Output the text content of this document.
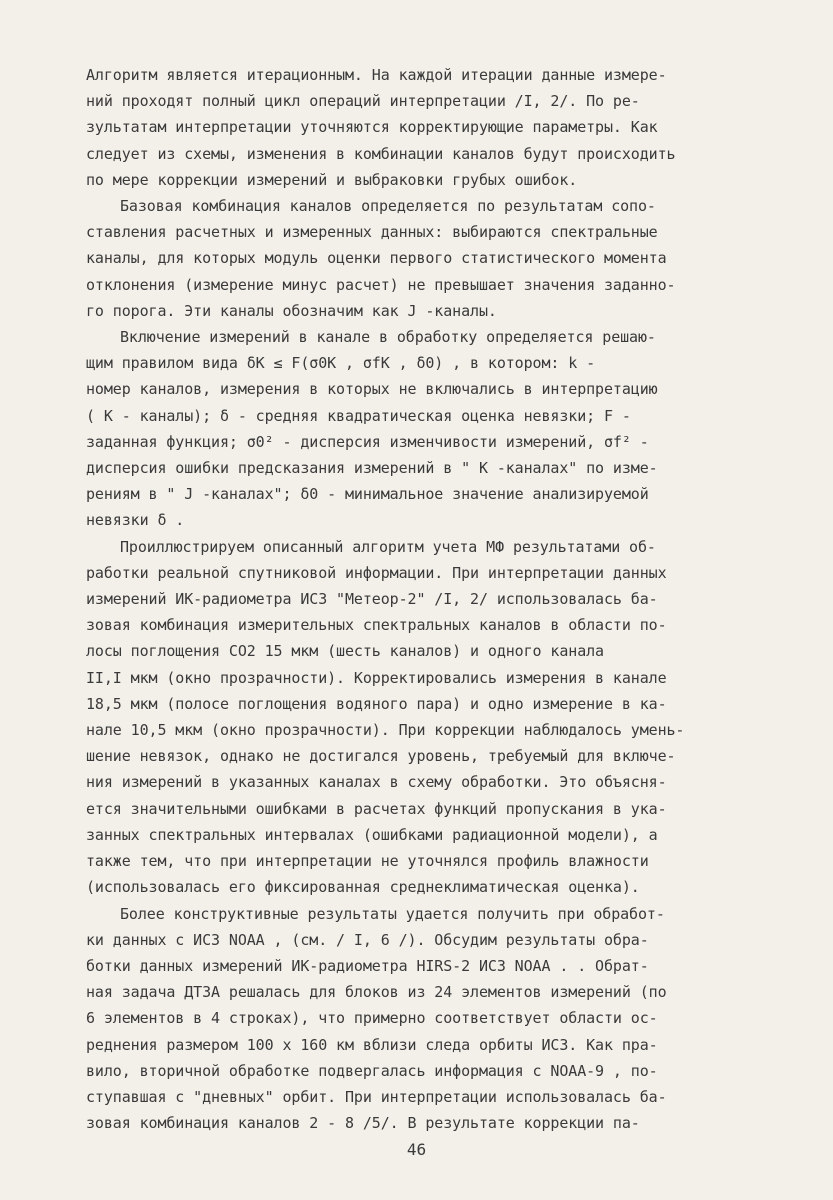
Алгоритм является итерационным. На каждой итерации данные измере-
ний проходят полный цикл операций интерпретации /I, 2/. По ре-
зультатам интерпретации уточняются корректирующие параметры. Как
следует из схемы, изменения в комбинации каналов будут происходить
по мере коррекции измерений и выбраковки грубых ошибок.
Базовая комбинация каналов определяется по результатам сопо-
ставления расчетных и измеренных данных: выбираются спектральные
каналы, для которых модуль оценки первого статистического момента
отклонения (измерение минус расчет) не превышает значения заданно-
го порога. Эти каналы обозначим как J -каналы.
Включение измерений в канале в обработку определяется решаю-
щим правилом вида δK ≤ F(σ0K , σfK , δ0) , в котором: k -
номер каналов, измерения в которых не включались в интерпретацию
( K - каналы); δ - средняя квадратическая оценка невязки; F -
заданная функция; σ0² - дисперсия изменчивости измерений, σf² -
дисперсия ошибки предсказания измерений в " K -каналах" по изме-
рениям в " J -каналах"; δ0 - минимальное значение анализируемой
невязки δ .
Проиллюстрируем описанный алгоритм учета МФ результатами об-
работки реальной спутниковой информации. При интерпретации данных
измерений ИК-радиометра ИСЗ "Метеор-2" /I, 2/ использовалась ба-
зовая комбинация измерительных спектральных каналов в области по-
лосы поглощения CO2 15 мкм (шесть каналов) и одного канала
II,I мкм (окно прозрачности). Корректировались измерения в канале
18,5 мкм (полосе поглощения водяного пара) и одно измерение в ка-
нале 10,5 мкм (окно прозрачности). При коррекции наблюдалось умень-
шение невязок, однако не достигался уровень, требуемый для включе-
ния измерений в указанных каналах в схему обработки. Это объясня-
ется значительными ошибками в расчетах функций пропускания в ука-
занных спектральных интервалах (ошибками радиационной модели), а
также тем, что при интерпретации не уточнялся профиль влажности
(использовалась его фиксированная среднеклиматическая оценка).
Более конструктивные результаты удается получить при обработ-
ки данных с ИСЗ NOAA , (см. / I, 6 /). Обсудим результаты обра-
ботки данных измерений ИК-радиометра HIRS-2 ИСЗ NOAA . . Обрат-
ная задача ДТЗА решалась для блоков из 24 элементов измерений (по
6 элементов в 4 строках), что примерно соответствует области ос-
реднения размером 100 x 160 км вблизи следа орбиты ИСЗ. Как пра-
вило, вторичной обработке подвергалась информация с NOAA-9 , по-
ступавшая с "дневных" орбит. При интерпретации использовалась ба-
зовая комбинация каналов 2 - 8 /5/. В результате коррекции па-
46
